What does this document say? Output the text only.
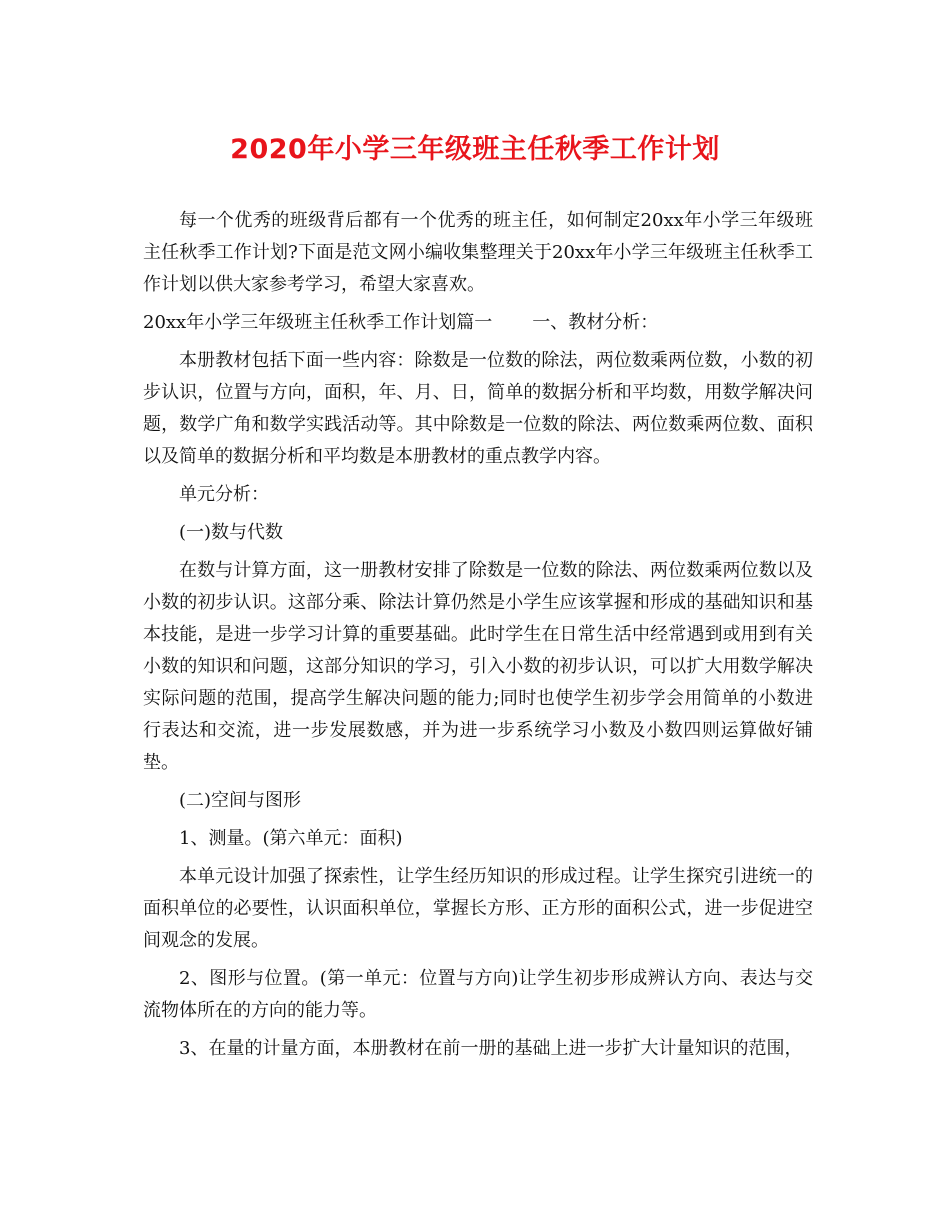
2020年小学三年级班主任秋季工作计划

每一个优秀的班级背后都有一个优秀的班主任，如何制定20xx年小学三年级班主任秋季工作计划?下面是范文网小编收集整理关于20xx年小学三年级班主任秋季工作计划以供大家参考学习，希望大家喜欢。

20xx年小学三年级班主任秋季工作计划篇一 一、教材分析：

本册教材包括下面一些内容：除数是一位数的除法，两位数乘两位数，小数的初步认识，位置与方向，面积，年、月、日，简单的数据分析和平均数，用数学解决问题，数学广角和数学实践活动等。其中除数是一位数的除法、两位数乘两位数、面积以及简单的数据分析和平均数是本册教材的重点教学内容。

单元分析：

(一)数与代数

在数与计算方面，这一册教材安排了除数是一位数的除法、两位数乘两位数以及小数的初步认识。这部分乘、除法计算仍然是小学生应该掌握和形成的基础知识和基本技能，是进一步学习计算的重要基础。此时学生在日常生活中经常遇到或用到有关小数的知识和问题，这部分知识的学习，引入小数的初步认识，可以扩大用数学解决实际问题的范围，提高学生解决问题的能力;同时也使学生初步学会用简单的小数进行表达和交流，进一步发展数感，并为进一步系统学习小数及小数四则运算做好铺垫。

(二)空间与图形

1、测量。(第六单元：面积)

本单元设计加强了探索性，让学生经历知识的形成过程。让学生探究引进统一的面积单位的必要性，认识面积单位，掌握长方形、正方形的面积公式，进一步促进空间观念的发展。

2、图形与位置。(第一单元：位置与方向)让学生初步形成辨认方向、表达与交流物体所在的方向的能力等。

3、在量的计量方面，本册教材在前一册的基础上进一步扩大计量知识的范围，
